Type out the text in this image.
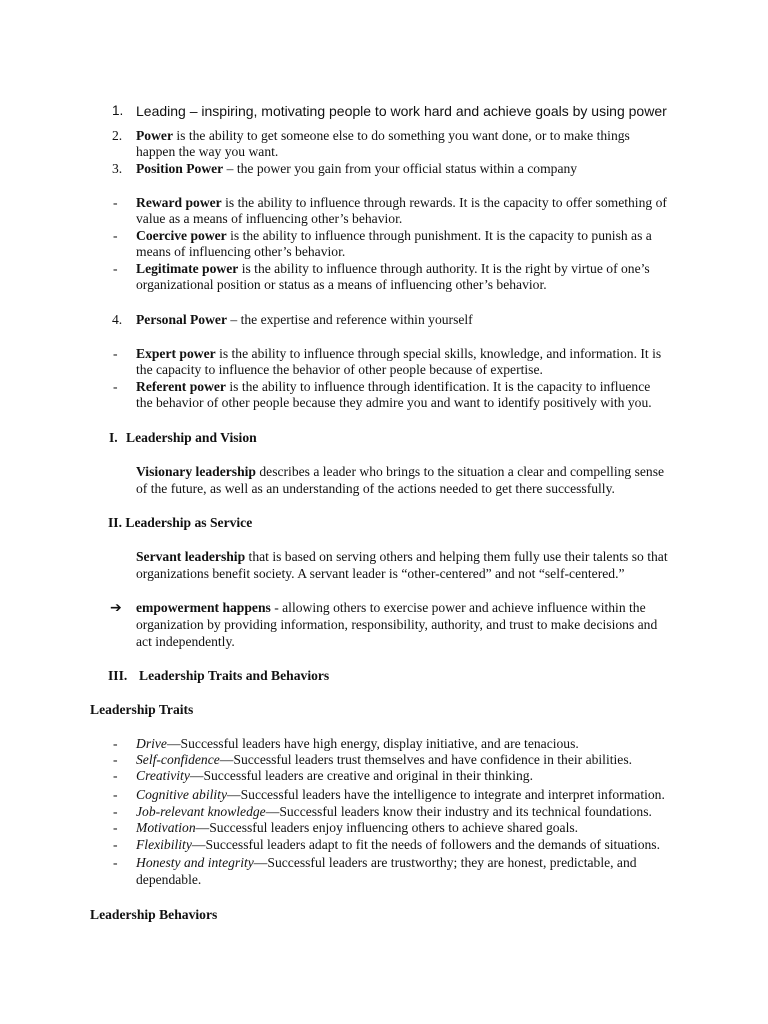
1. Leading – inspiring, motivating people to work hard and achieve goals by using power
2. Power is the ability to get someone else to do something you want done, or to make things
happen the way you want.
3. Position Power – the power you gain from your official status within a company
- Reward power is the ability to influence through rewards. It is the capacity to offer something of
value as a means of influencing other’s behavior.
- Coercive power is the ability to influence through punishment. It is the capacity to punish as a
means of influencing other’s behavior.
- Legitimate power is the ability to influence through authority. It is the right by virtue of one’s
organizational position or status as a means of influencing other’s behavior.
4. Personal Power – the expertise and reference within yourself
- Expert power is the ability to influence through special skills, knowledge, and information. It is
the capacity to influence the behavior of other people because of expertise.
- Referent power is the ability to influence through identification. It is the capacity to influence
the behavior of other people because they admire you and want to identify positively with you.
I. Leadership and Vision
Visionary leadership describes a leader who brings to the situation a clear and compelling sense
of the future, as well as an understanding of the actions needed to get there successfully.
II. Leadership as Service
Servant leadership that is based on serving others and helping them fully use their talents so that
organizations benefit society. A servant leader is “other-centered” and not “self-centered.”
➔ empowerment happens - allowing others to exercise power and achieve influence within the
organization by providing information, responsibility, authority, and trust to make decisions and
act independently.
III. Leadership Traits and Behaviors
Leadership Traits
- Drive—Successful leaders have high energy, display initiative, and are tenacious.
- Self-confidence—Successful leaders trust themselves and have confidence in their abilities.
- Creativity—Successful leaders are creative and original in their thinking.
- Cognitive ability—Successful leaders have the intelligence to integrate and interpret information.
- Job-relevant knowledge—Successful leaders know their industry and its technical foundations.
- Motivation—Successful leaders enjoy influencing others to achieve shared goals.
- Flexibility—Successful leaders adapt to fit the needs of followers and the demands of situations.
- Honesty and integrity—Successful leaders are trustworthy; they are honest, predictable, and
dependable.
Leadership Behaviors
